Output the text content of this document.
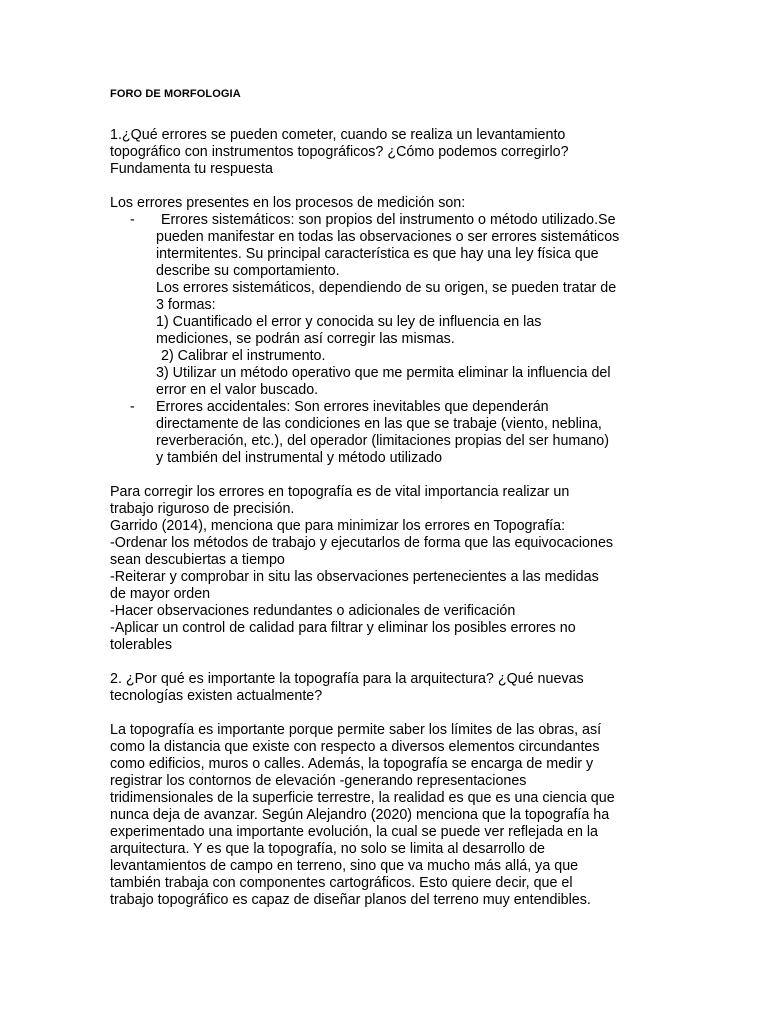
FORO DE MORFOLOGIA

1.¿Qué errores se pueden cometer, cuando se realiza un levantamiento

topográfico con instrumentos topográficos? ¿Cómo podemos corregirlo?

Fundamenta tu respuesta

Los errores presentes en los procesos de medición son:

-	Errores sistemáticos: son propios del instrumento o método utilizado.Se

pueden manifestar en todas las observaciones o ser errores sistemáticos

intermitentes. Su principal característica es que hay una ley física que

describe su comportamiento.

Los errores sistemáticos, dependiendo de su origen, se pueden tratar de

3 formas:

1) Cuantificado el error y conocida su ley de influencia en las

mediciones, se podrán así corregir las mismas.

2) Calibrar el instrumento.

3) Utilizar un método operativo que me permita eliminar la influencia del

error en el valor buscado.

- Errores accidentales: Son errores inevitables que dependerán

directamente de las condiciones en las que se trabaje (viento, neblina,

reverberación, etc.), del operador (limitaciones propias del ser humano)

y también del instrumental y método utilizado

Para corregir los errores en topografía es de vital importancia realizar un

trabajo riguroso de precisión.

Garrido (2014), menciona que para minimizar los errores en Topografía:

-Ordenar los métodos de trabajo y ejecutarlos de forma que las equivocaciones

sean descubiertas a tiempo

-Reiterar y comprobar in situ las observaciones pertenecientes a las medidas

de mayor orden

-Hacer observaciones redundantes o adicionales de verificación

-Aplicar un control de calidad para filtrar y eliminar los posibles errores no

tolerables

2. ¿Por qué es importante la topografía para la arquitectura? ¿Qué nuevas

tecnologías existen actualmente?

La topografía es importante porque permite saber los límites de las obras, así

como la distancia que existe con respecto a diversos elementos circundantes

como edificios, muros o calles. Además, la topografía se encarga de medir y

registrar los contornos de elevación -generando representaciones

tridimensionales de la superficie terrestre, la realidad es que es una ciencia que

nunca deja de avanzar. Según Alejandro (2020) menciona que la topografía ha

experimentado una importante evolución, la cual se puede ver reflejada en la

arquitectura. Y es que la topografía, no solo se limita al desarrollo de

levantamientos de campo en terreno, sino que va mucho más allá, ya que

también trabaja con componentes cartográficos. Esto quiere decir, que el

trabajo topográfico es capaz de diseñar planos del terreno muy entendibles.
